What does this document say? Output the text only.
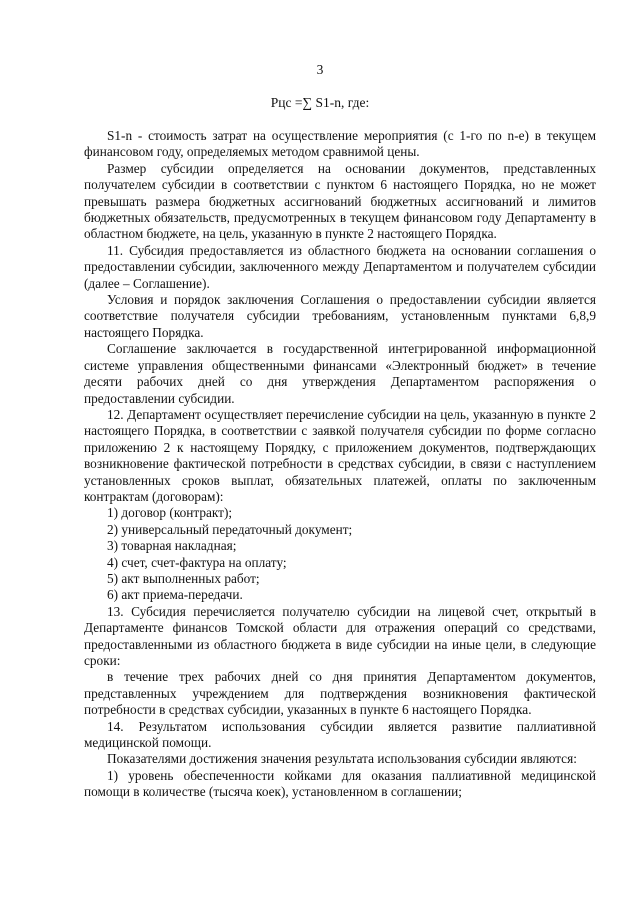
3
Рцс =∑ S1-n, где:

S1-n - стоимость затрат на осуществление мероприятия (с 1-го по n-е) в текущем финансовом году, определяемых методом сравнимой цены.

Размер субсидии определяется на основании документов, представленных получателем субсидии в соответствии с пунктом 6 настоящего Порядка, но не может превышать размера бюджетных ассигнований бюджетных ассигнований и лимитов бюджетных обязательств, предусмотренных в текущем финансовом году Департаменту в областном бюджете, на цель, указанную в пункте 2 настоящего Порядка.

11. Субсидия предоставляется из областного бюджета на основании соглашения о предоставлении субсидии, заключенного между Департаментом и получателем субсидии (далее – Соглашение).

Условия и порядок заключения Соглашения о предоставлении субсидии является соответствие получателя субсидии требованиям, установленным пунктами 6,8,9 настоящего Порядка.

Соглашение заключается в государственной интегрированной информационной системе управления общественными финансами «Электронный бюджет» в течение десяти рабочих дней со дня утверждения Департаментом распоряжения о предоставлении субсидии.

12. Департамент осуществляет перечисление субсидии на цель, указанную в пункте 2 настоящего Порядка, в соответствии с заявкой получателя субсидии по форме согласно приложению 2 к настоящему Порядку, с приложением документов, подтверждающих возникновение фактической потребности в средствах субсидии, в связи с наступлением установленных сроков выплат, обязательных платежей, оплаты по заключенным контрактам (договорам):

1) договор (контракт);

2) универсальный передаточный документ;

3) товарная накладная;

4) счет, счет-фактура на оплату;

5) акт выполненных работ;

6) акт приема-передачи.

13. Субсидия перечисляется получателю субсидии на лицевой счет, открытый в Департаменте финансов Томской области для отражения операций со средствами, предоставленными из областного бюджета в виде субсидии на иные цели, в следующие сроки:

в течение трех рабочих дней со дня принятия Департаментом документов, представленных учреждением для подтверждения возникновения фактической потребности в средствах субсидии, указанных в пункте 6 настоящего Порядка.

14. Результатом использования субсидии является развитие паллиативной медицинской помощи.

Показателями достижения значения результата использования субсидии являются:

1) уровень обеспеченности койками для оказания паллиативной медицинской помощи в количестве (тысяча коек), установленном в соглашении;
